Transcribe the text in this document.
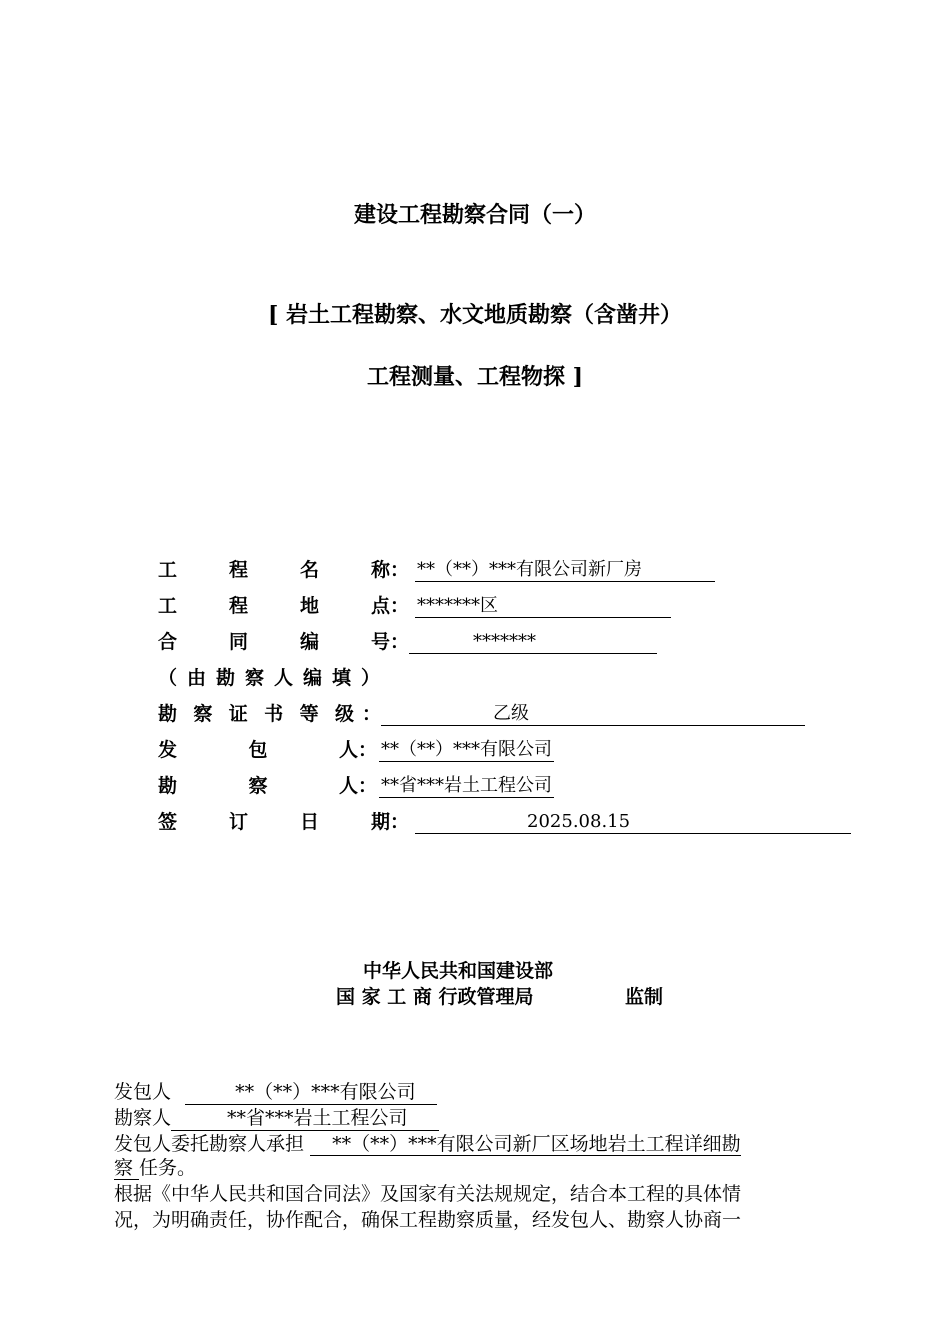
建设工程勘察合同（一）
[ 岩土工程勘察、水文地质勘察（含凿井）
工程测量、工程物探 ]
工	程	名	称 ： **（**）***有限公司新厂房
工	程	地	点 ： *******区
合	同	编	号 ：	*******
（由勘察人编填）
勘 察 证 书 等 级 ：	乙级
发	包	人 ： **（**）***有限公司
勘	察	人 ： **省***岩土工程公司
签	订	日	期 ：	2025.08.15
中华人民共和国建设部
国 家 工 商 行政管理局	监制
发包人	**（**）***有限公司
勘察人	**省***岩土工程公司
发包人委托勘察人承担 **（**）***有限公司新厂区场地岩土工程详细勘
察 任务。
根据《中华人民共和国合同法》及国家有关法规规定，结合本工程的具体情
况，为明确责任，协作配合，确保工程勘察质量，经发包人、勘察人协商一
